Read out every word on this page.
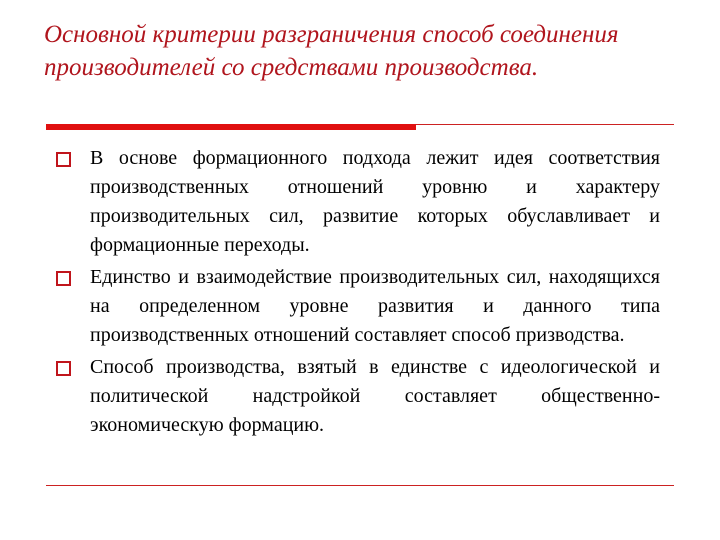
Основной критерии разграничения способ соединения производителей со средствами производства.
В основе формационного подхода лежит идея соответствия производственных отношений уровню и характеру производительных сил, развитие которых обуславливает и формационные переходы.
Единство и взаимодействие производительных сил, находящихся на определенном уровне развития и данного типа производственных отношений составляет способ призводства.
Способ производства, взятый в единстве с идеологической и политической надстройкой составляет общественно-экономическую формацию.
